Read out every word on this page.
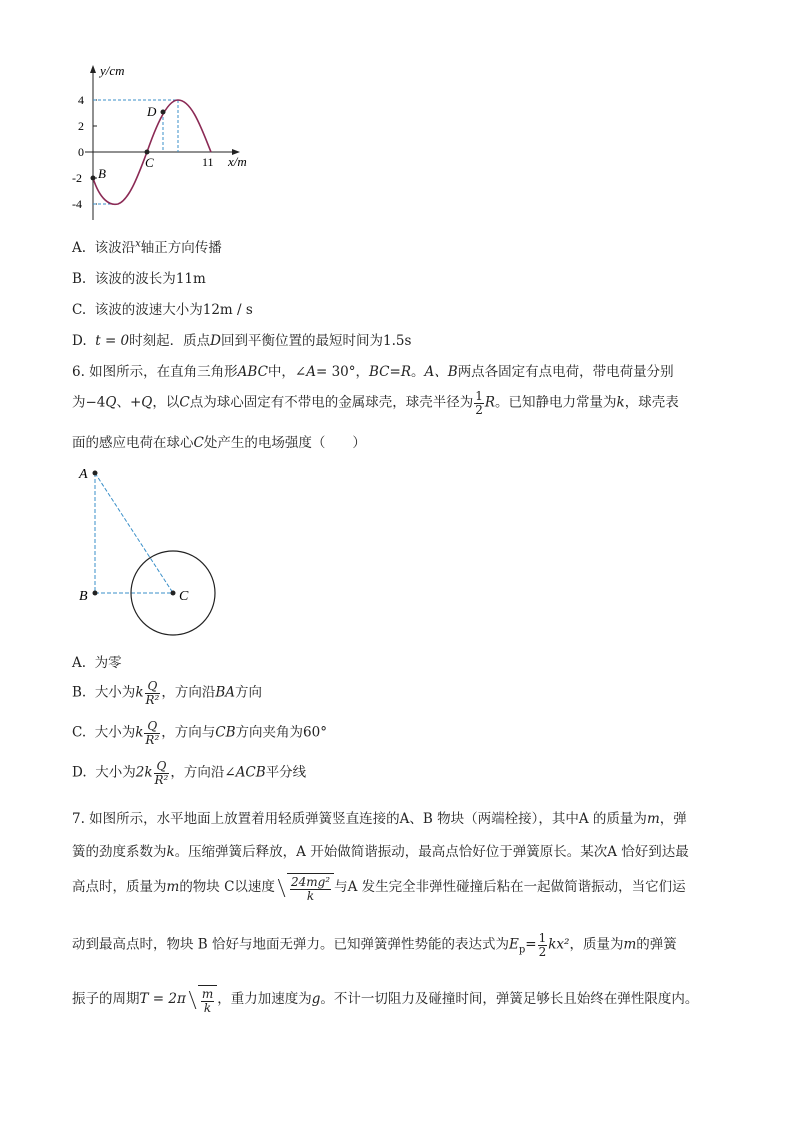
y/cm
4
2
0
-2
-4
11 x/m
B
C
D
A. 该波沿$^x$轴正方向传播
B. 该波的波长为11m
C. 该波的波速大小为12m / s
D. t = 0时刻起．质点D回到平衡位置的最短时间为1.5s
6. 如图所示，在直角三角形ABC中，∠A= 30°，BC=R。A、B两点各固定有点电荷，带电荷量分别
为−4Q、+Q，以C点为球心固定有不带电的金属球壳，球壳半径为 $\frac{1}{2}$ R。已知静电力常量为k，球壳表
面的感应电荷在球心C处产生的电场强度（　　）
A
B	C
A. 为零
B. 大小为k $\frac{Q}{\text{R²}}$ ，方向沿BA方向
C. 大小为k $\frac{Q}{\text{R²}}$ ，方向与CB方向夹角为60°
D. 大小为$2k \frac{Q}{\text{R²}}$ ，方向沿∠ACB平分线
7. 如图所示，水平地面上放置着用轻质弹簧竖直连接的A、B 物块（两端栓接），其中A 的质量为m，弹
簧的劲度系数为k。压缩弹簧后释放，A 开始做简谐振动，最高点恰好位于弹簧原长。某次A 恰好到达最
高点时，质量为m的物块 C以速度 $\frac{\text{24mg²}}{k}$ 与A 发生完全非弹性碰撞后粘在一起做简谐振动，当它们运
动到最高点时，物块 B 恰好与地面无弹力。已知弹簧弹性势能的表达式为$E_p= \frac{1}{2} kx^2$，质量为m的弹簧
振子的周期$T = 2\pi \frac{m}{k}$ ，重力加速度为g。不计一切阻力及碰撞时间，弹簧足够长且始终在弹性限度内。
